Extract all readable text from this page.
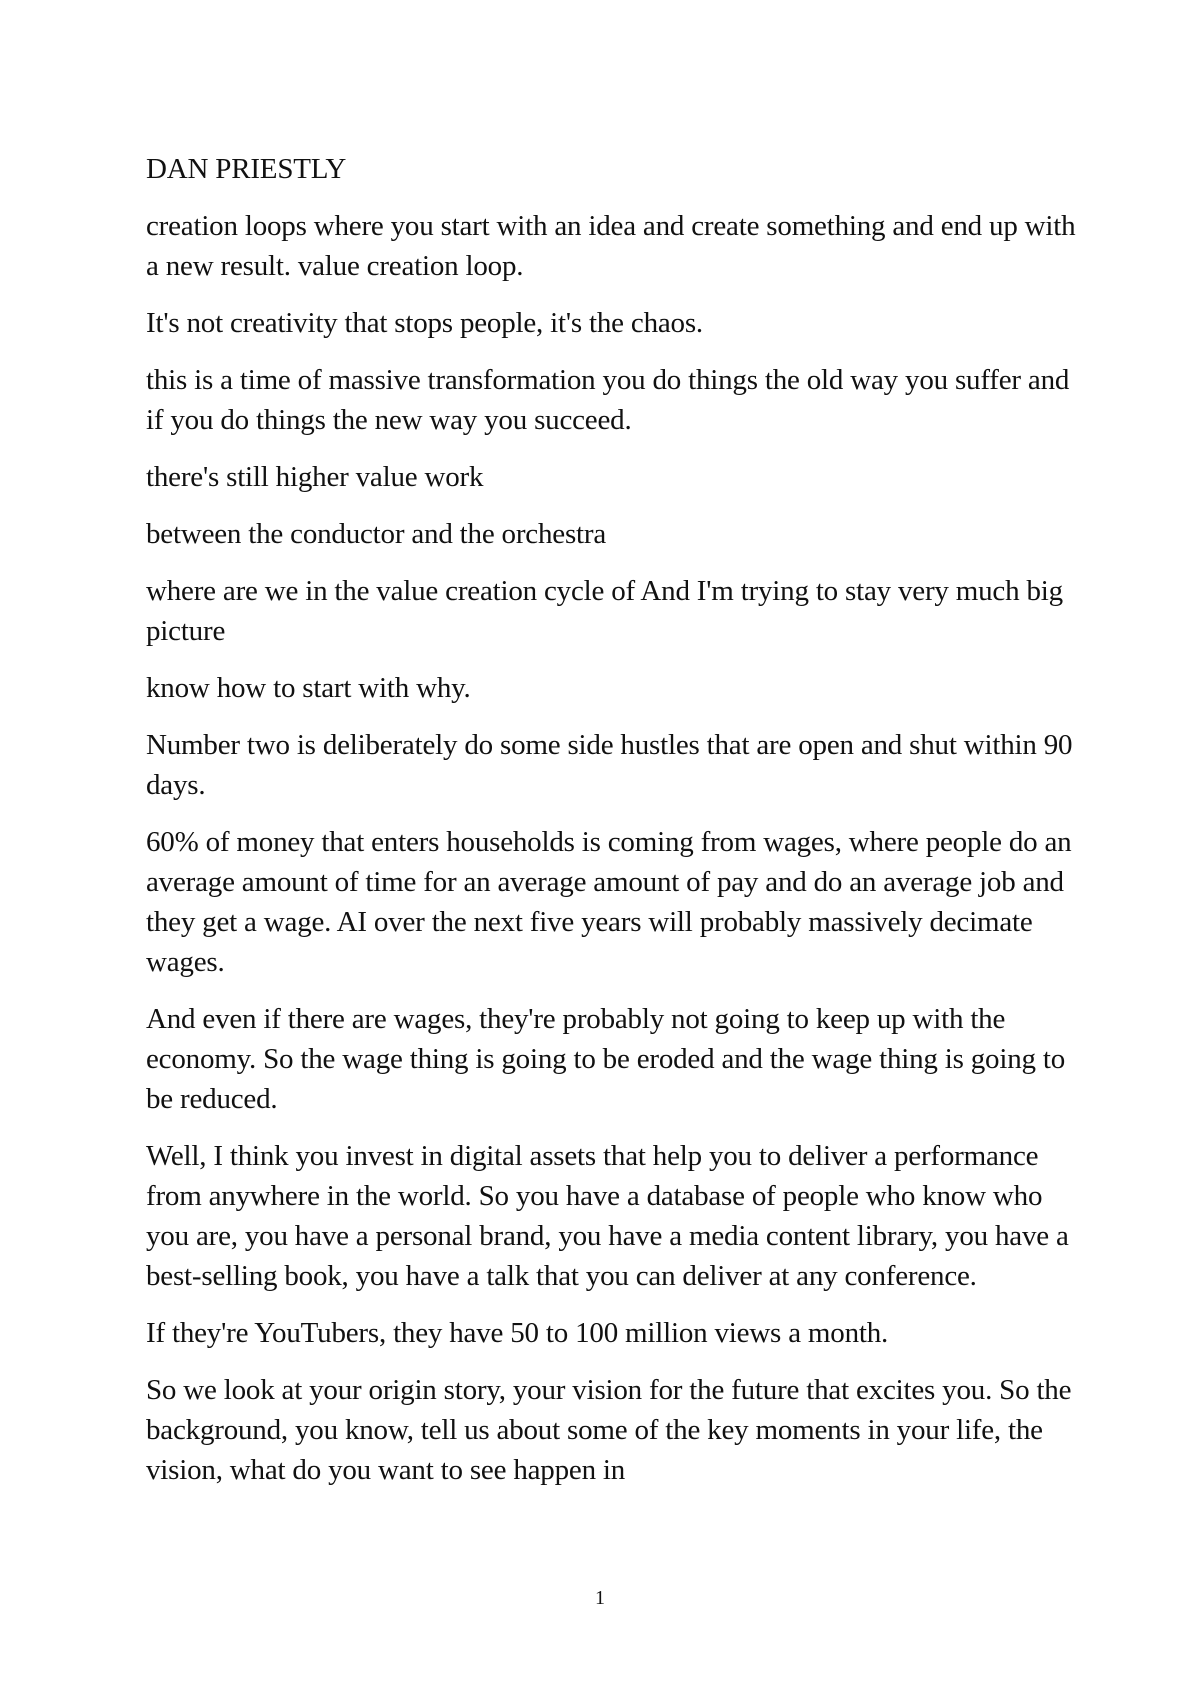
DAN PRIESTLY

creation loops where you start with an idea and create something and end up with a new result. value creation loop.

It's not creativity that stops people, it's the chaos.

this is a time of massive transformation you do things the old way you suffer and if you do things the new way you succeed.

there's still higher value work

between the conductor and the orchestra

where are we in the value creation cycle of And I'm trying to stay very much big picture

know how to start with why.

Number two is deliberately do some side hustles that are open and shut within 90 days.

60% of money that enters households is coming from wages, where people do an average amount of time for an average amount of pay and do an average job and they get a wage. AI over the next five years will probably massively decimate wages.

And even if there are wages, they're probably not going to keep up with the economy. So the wage thing is going to be eroded and the wage thing is going to be reduced.

Well, I think you invest in digital assets that help you to deliver a performance from anywhere in the world. So you have a database of people who know who you are, you have a personal brand, you have a media content library, you have a best-selling book, you have a talk that you can deliver at any conference.

If they're YouTubers, they have 50 to 100 million views a month.

So we look at your origin story, your vision for the future that excites you. So the background, you know, tell us about some of the key moments in your life, the vision, what do you want to see happen in

1
